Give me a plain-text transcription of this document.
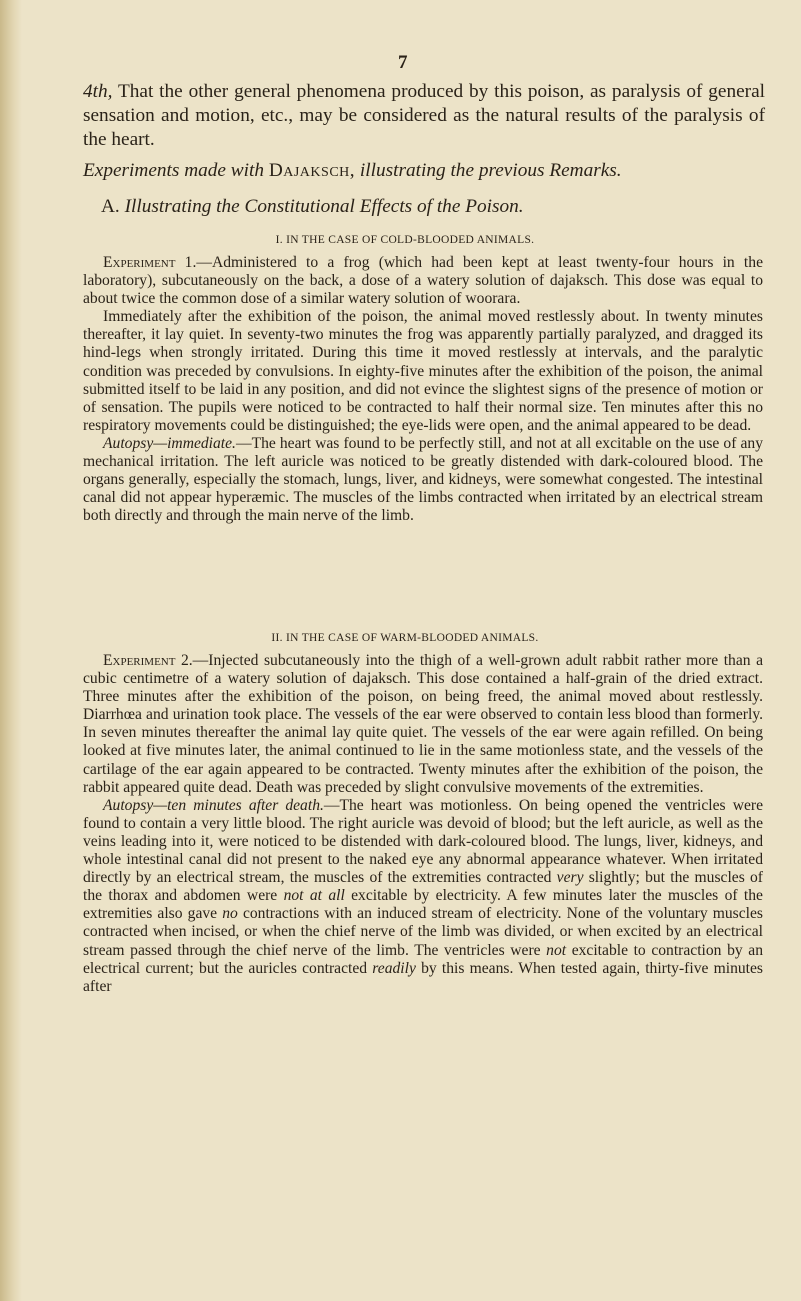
7
4th, That the other general phenomena produced by this poison, as paralysis of general sensation and motion, etc., may be considered as the natural results of the paralysis of the heart.
Experiments made with Dajaksch, illustrating the previous Remarks.
A. Illustrating the Constitutional Effects of the Poison.
I. IN THE CASE OF COLD-BLOODED ANIMALS.

Experiment 1.—Administered to a frog (which had been kept at least twenty-four hours in the laboratory), subcutaneously on the back, a dose of a watery solution of dajaksch. This dose was equal to about twice the common dose of a similar watery solution of woorara.

Immediately after the exhibition of the poison, the animal moved restlessly about. In twenty minutes thereafter, it lay quiet. In seventy-two minutes the frog was apparently partially paralyzed, and dragged its hind-legs when strongly irritated. During this time it moved restlessly at intervals, and the paralytic condition was preceded by convulsions. In eighty-five minutes after the exhibition of the poison, the animal submitted itself to be laid in any position, and did not evince the slightest signs of the presence of motion or of sensation. The pupils were noticed to be contracted to half their normal size. Ten minutes after this no respiratory movements could be distinguished; the eye-lids were open, and the animal appeared to be dead.

Autopsy—immediate.—The heart was found to be perfectly still, and not at all excitable on the use of any mechanical irritation. The left auricle was noticed to be greatly distended with dark-coloured blood. The organs generally, especially the stomach, lungs, liver, and kidneys, were somewhat congested. The intestinal canal did not appear hyperæmic. The muscles of the limbs contracted when irritated by an electrical stream both directly and through the main nerve of the limb.

II. IN THE CASE OF WARM-BLOODED ANIMALS.

Experiment 2.—Injected subcutaneously into the thigh of a well-grown adult rabbit rather more than a cubic centimetre of a watery solution of dajaksch. This dose contained a half-grain of the dried extract. Three minutes after the exhibition of the poison, on being freed, the animal moved about restlessly. Diarrhœa and urination took place. The vessels of the ear were observed to contain less blood than formerly. In seven minutes thereafter the animal lay quite quiet. The vessels of the ear were again refilled. On being looked at five minutes later, the animal continued to lie in the same motionless state, and the vessels of the cartilage of the ear again appeared to be contracted. Twenty minutes after the exhibition of the poison, the rabbit appeared quite dead. Death was preceded by slight convulsive movements of the extremities.

Autopsy—ten minutes after death.—The heart was motionless. On being opened the ventricles were found to contain a very little blood. The right auricle was devoid of blood; but the left auricle, as well as the veins leading into it, were noticed to be distended with dark-coloured blood. The lungs, liver, kidneys, and whole intestinal canal did not present to the naked eye any abnormal appearance whatever. When irritated directly by an electrical stream, the muscles of the extremities contracted very slightly; but the muscles of the thorax and abdomen were not at all excitable by electricity. A few minutes later the muscles of the extremities also gave no contractions with an induced stream of electricity. None of the voluntary muscles contracted when incised, or when the chief nerve of the limb was divided, or when excited by an electrical stream passed through the chief nerve of the limb. The ventricles were not excitable to contraction by an electrical current; but the auricles contracted readily by this means. When tested again, thirty-five minutes after
